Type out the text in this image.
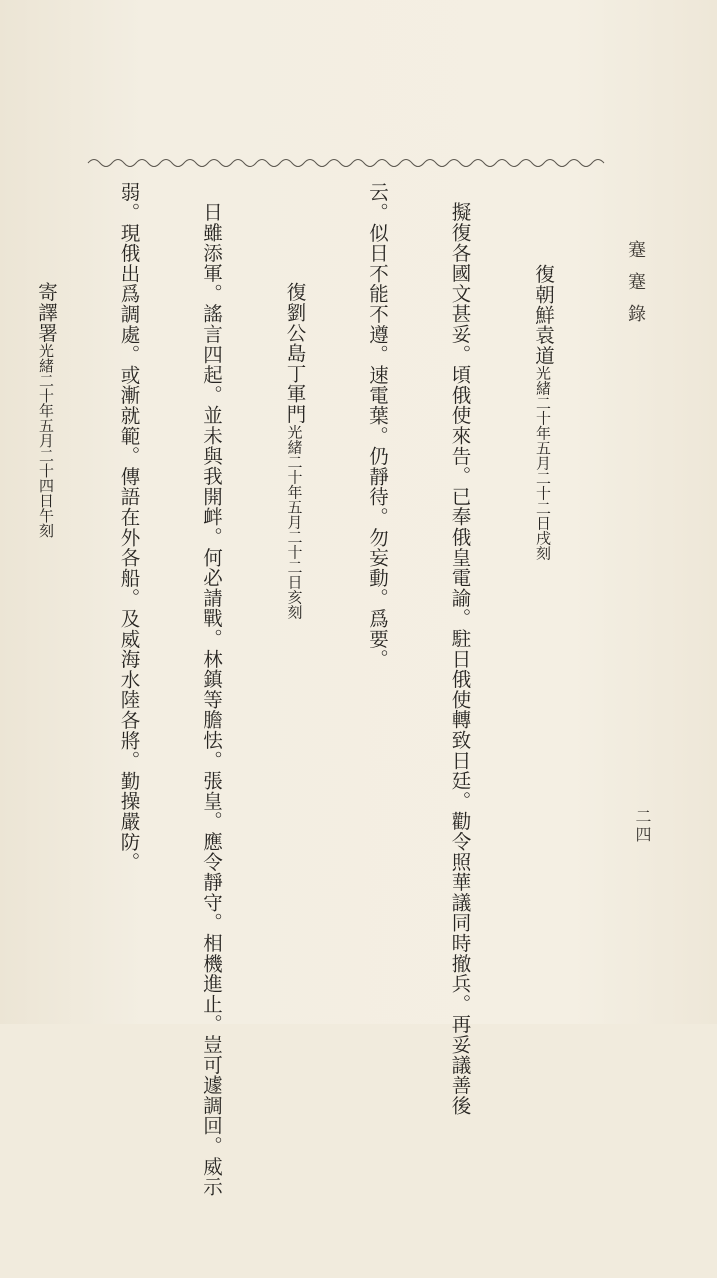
蹇蹇錄
二四

復朝鮮袁道光緒二十年五月二十二日戌刻

擬復各國文甚妥。頃俄使來告。已奉俄皇電諭。駐日俄使轉致日廷。勸令照華議同時撤兵。再妥議善後

云。似日不能不遵。速電葉。仍靜待。勿妄動。爲要。

復劉公島丁軍門光緒二十年五月二十二日亥刻

日雖添軍。謠言四起。並未與我開衅。何必請戰。林鎮等膽怯。張皇。應令靜守。相機進止。豈可遽調回。威示

弱。現俄出爲調處。或漸就範。傳語在外各船。及威海水陸各將。勤操嚴防。

寄譯署光緒二十年五月二十四日午刻
